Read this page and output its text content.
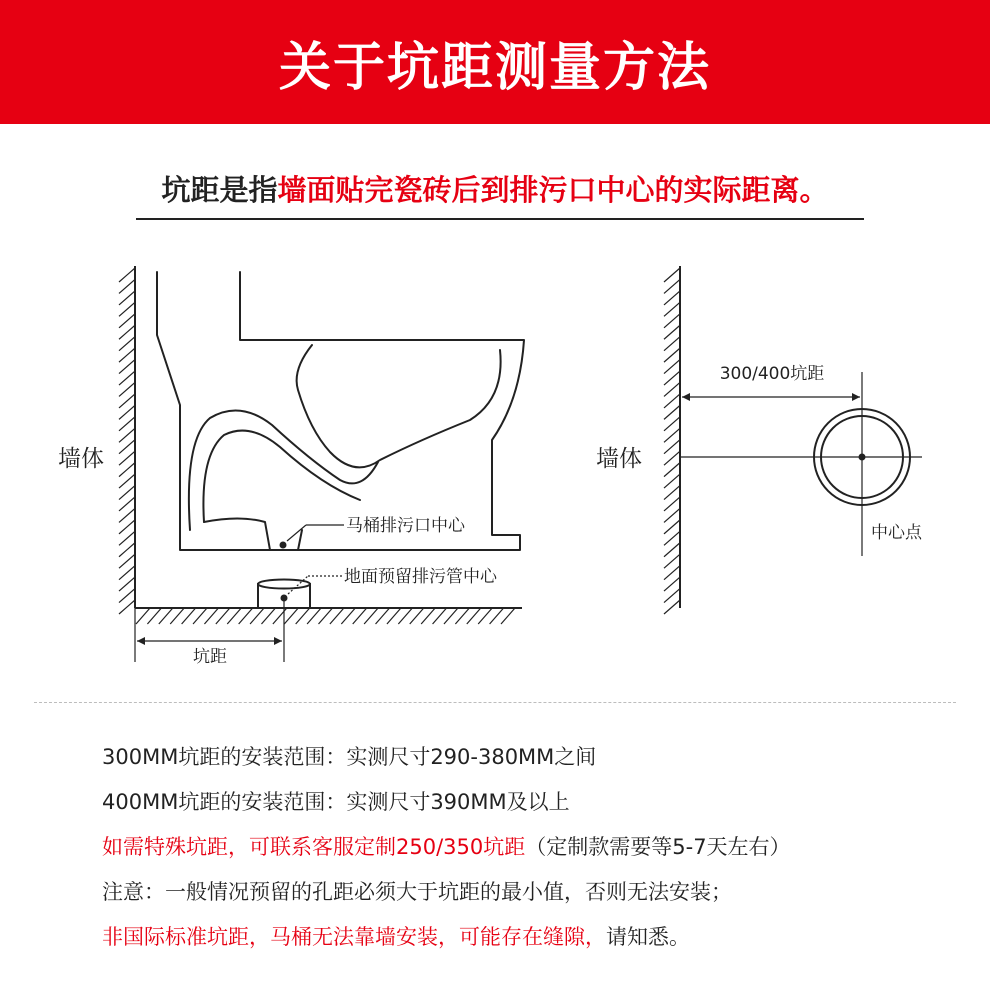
关于坑距测量方法
坑距是指墙面贴完瓷砖后到排污口中心的实际距离。
马桶排污口中心
地面预留排污管中心
坑距
墙体
300/400坑距
中心点
墙体
300MM坑距的安装范围：实测尺寸290-380MM之间
400MM坑距的安装范围：实测尺寸390MM及以上
如需特殊坑距，可联系客服定制250/350坑距（定制款需要等5-7天左右）
注意：一般情况预留的孔距必须大于坑距的最小值，否则无法安装；
非国际标准坑距，马桶无法靠墙安装，可能存在缝隙，请知悉。
